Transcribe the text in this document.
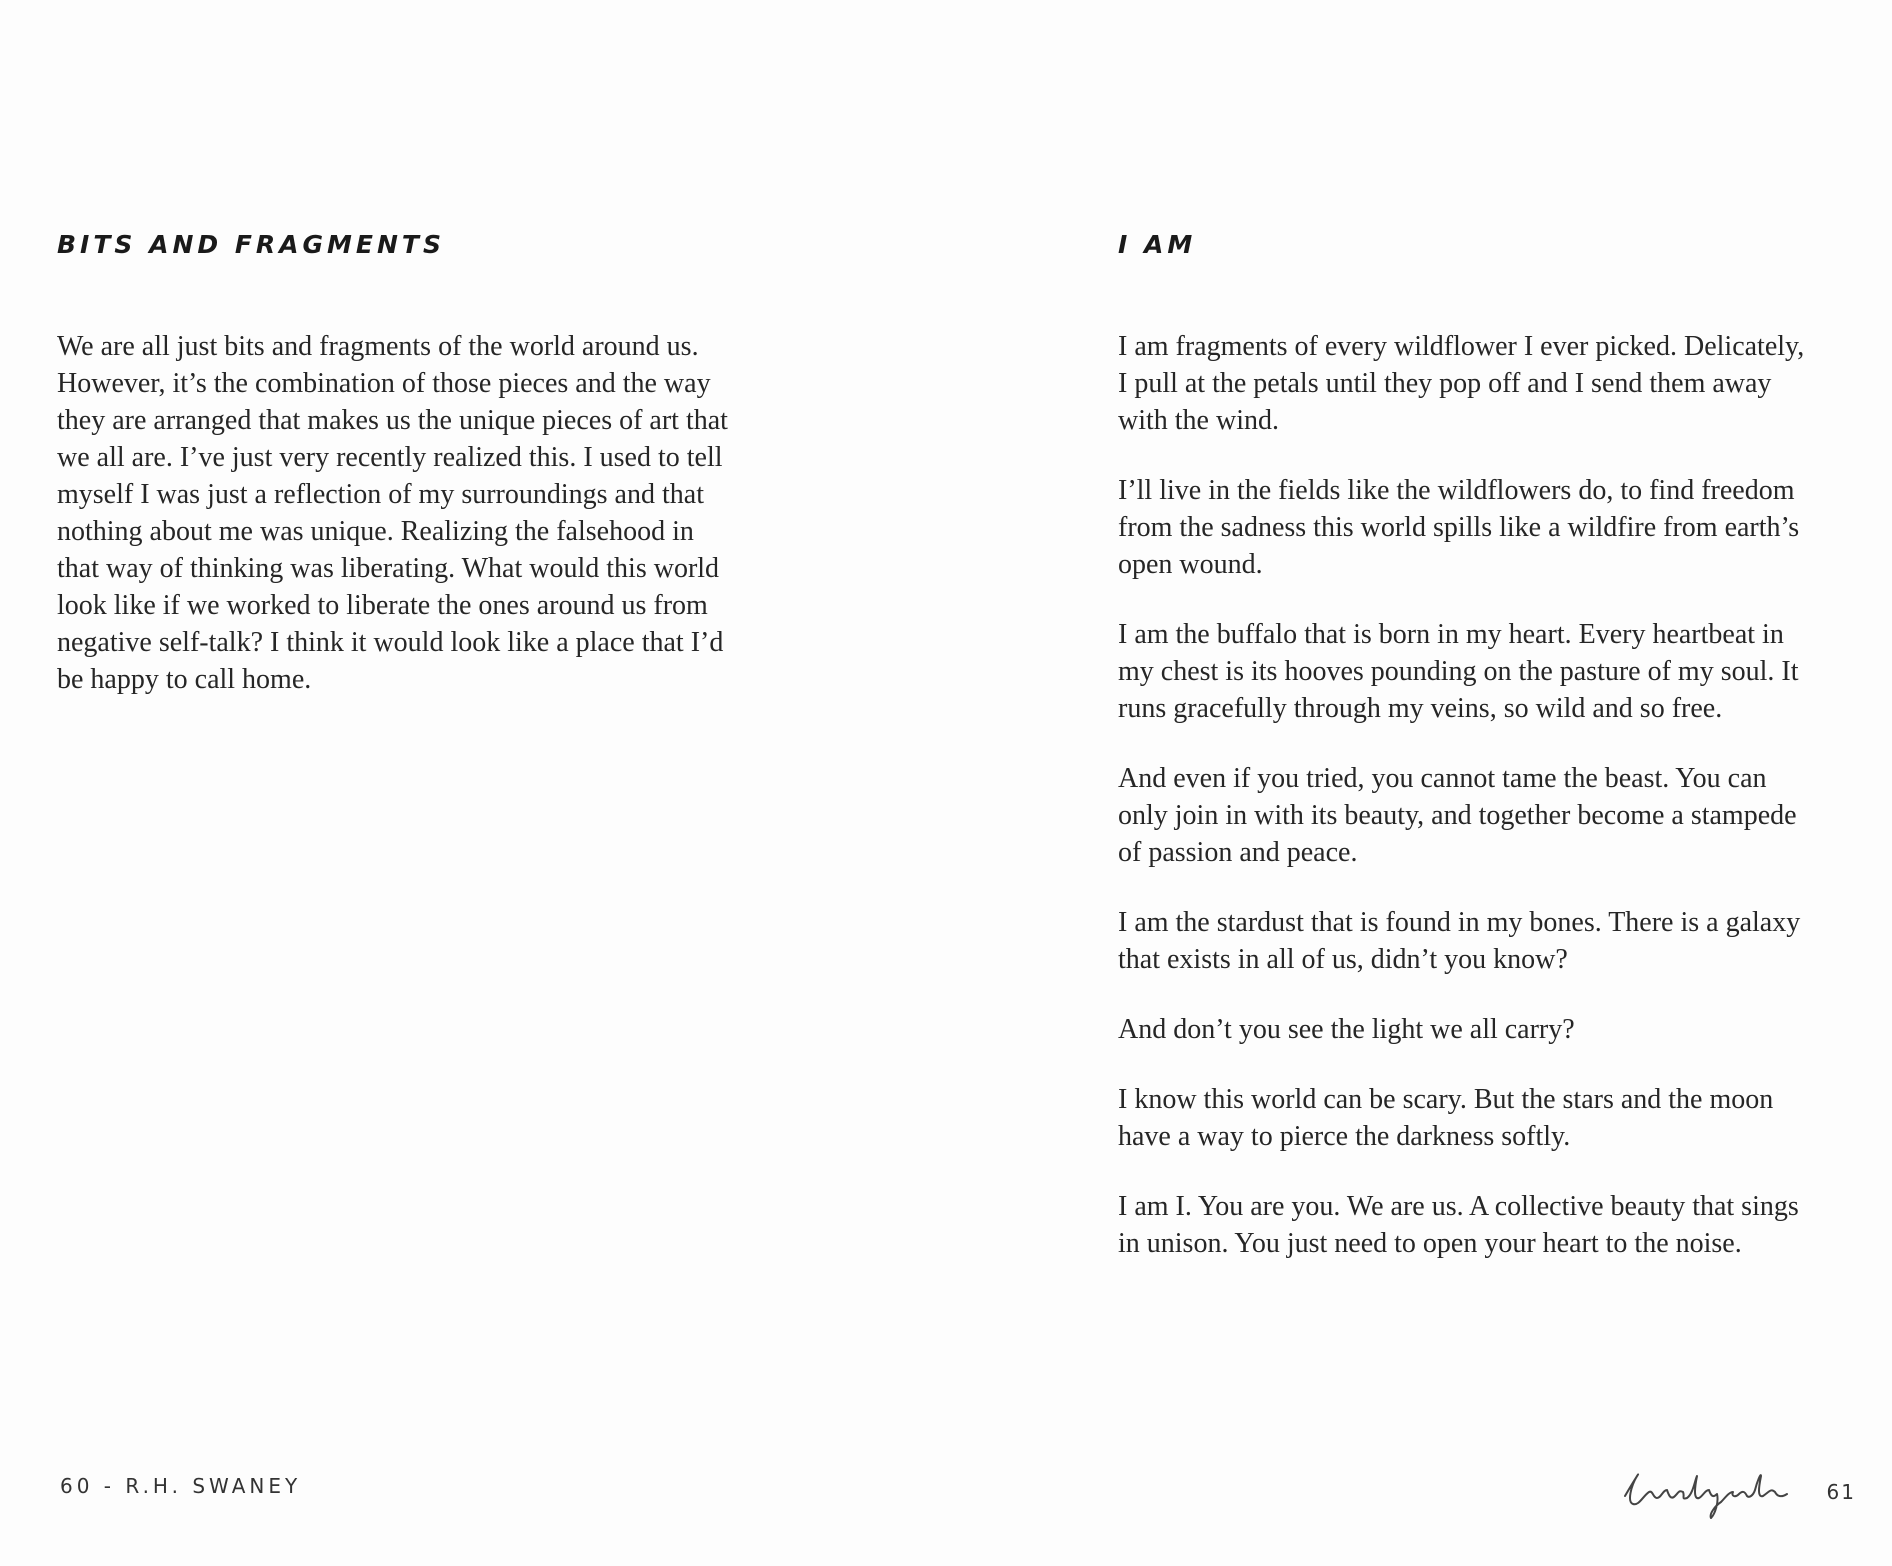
BITS AND FRAGMENTS

We are all just bits and fragments of the world around us.
However, it’s the combination of those pieces and the way
they are arranged that makes us the unique pieces of art that
we all are. I’ve just very recently realized this. I used to tell
myself I was just a reflection of my surroundings and that
nothing about me was unique. Realizing the falsehood in
that way of thinking was liberating. What would this world
look like if we worked to liberate the ones around us from
negative self-talk? I think it would look like a place that I’d
be happy to call home.

60 - R.H. SWANEY
I AM

I am fragments of every wildflower I ever picked. Delicately,
I pull at the petals until they pop off and I send them away
with the wind.

I’ll live in the fields like the wildflowers do, to find freedom
from the sadness this world spills like a wildfire from earth’s
open wound.

I am the buffalo that is born in my heart. Every heartbeat in
my chest is its hooves pounding on the pasture of my soul. It
runs gracefully through my veins, so wild and so free.

And even if you tried, you cannot tame the beast. You can
only join in with its beauty, and together become a stampede
of passion and peace.

I am the stardust that is found in my bones. There is a galaxy
that exists in all of us, didn’t you know?

And don’t you see the light we all carry?

I know this world can be scary. But the stars and the moon
have a way to pierce the darkness softly.

I am I. You are you. We are us. A collective beauty that sings
in unison. You just need to open your heart to the noise.

61
